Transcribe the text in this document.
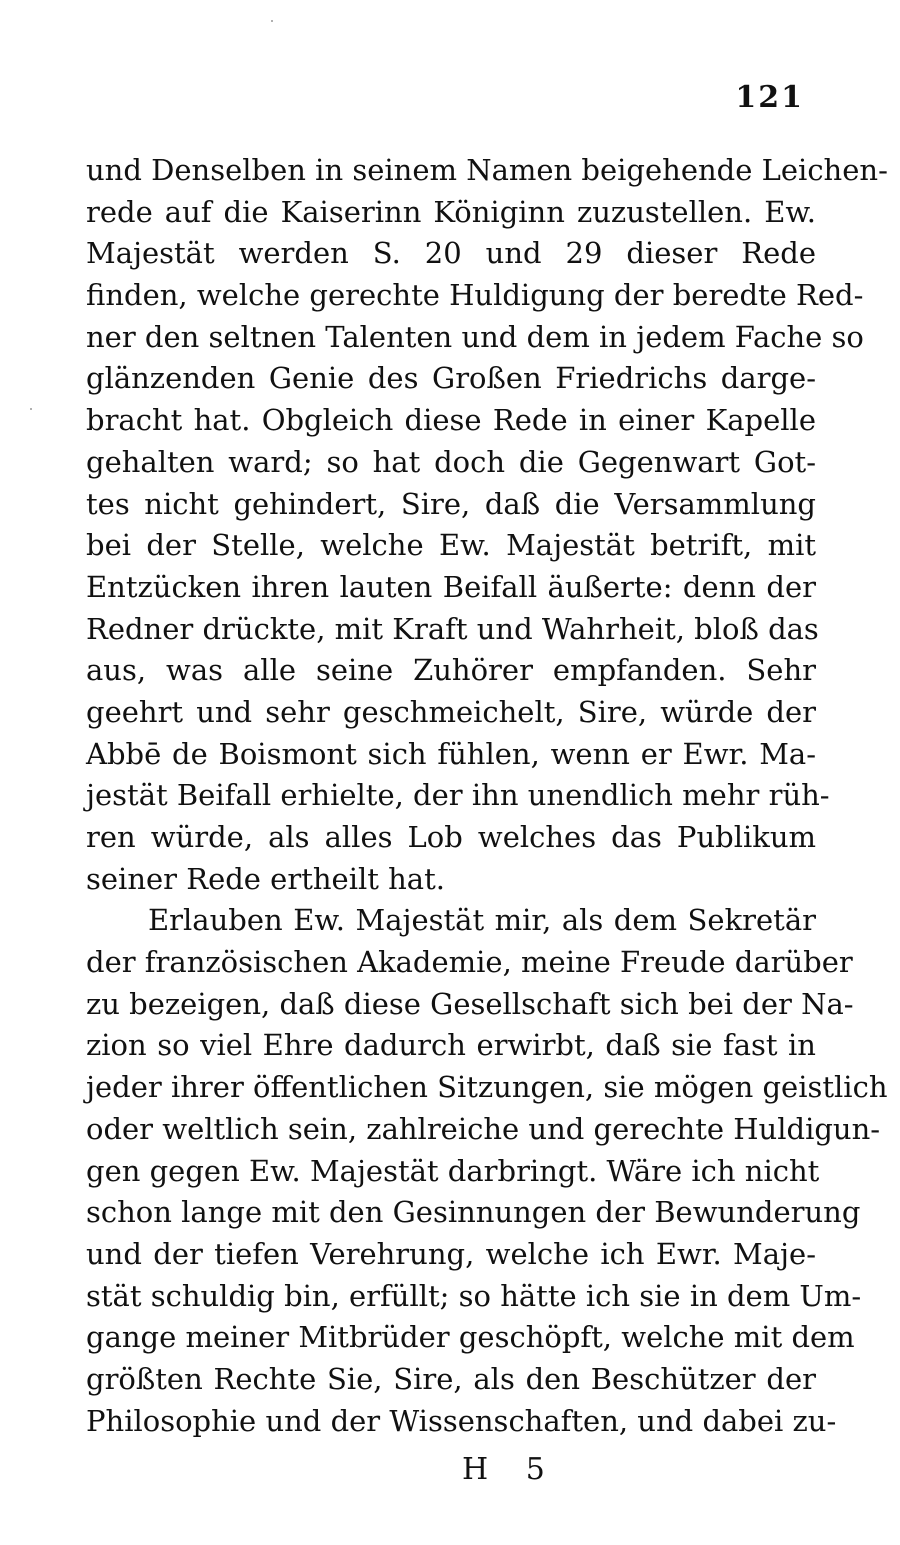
121
und Denselben in seinem Namen beigehende Leichen-
rede auf die Kaiserinn Königinn zuzustellen. Ew.
Majestät werden S. 20 und 29 dieser Rede
finden, welche gerechte Huldigung der beredte Red-
ner den seltnen Talenten und dem in jedem Fache so
glänzenden Genie des Großen Friedrichs darge-
bracht hat. Obgleich diese Rede in einer Kapelle
gehalten ward; so hat doch die Gegenwart Got-
tes nicht gehindert, Sire, daß die Versammlung
bei der Stelle, welche Ew. Majestät betrift, mit
Entzücken ihren lauten Beifall äußerte: denn der
Redner drückte, mit Kraft und Wahrheit, bloß das
aus, was alle seine Zuhörer empfanden. Sehr
geehrt und sehr geschmeichelt, Sire, würde der
Abbē de Boismont sich fühlen, wenn er Ewr. Ma-
jestät Beifall erhielte, der ihn unendlich mehr rüh-
ren würde, als alles Lob welches das Publikum
seiner Rede ertheilt hat.
Erlauben Ew. Majestät mir, als dem Sekretär
der französischen Akademie, meine Freude darüber
zu bezeigen, daß diese Gesellschaft sich bei der Na-
zion so viel Ehre dadurch erwirbt, daß sie fast in
jeder ihrer öffentlichen Sitzungen, sie mögen geistlich
oder weltlich sein, zahlreiche und gerechte Huldigun-
gen gegen Ew. Majestät darbringt. Wäre ich nicht
schon lange mit den Gesinnungen der Bewunderung
und der tiefen Verehrung, welche ich Ewr. Maje-
stät schuldig bin, erfüllt; so hätte ich sie in dem Um-
gange meiner Mitbrüder geschöpft, welche mit dem
größten Rechte Sie, Sire, als den Beschützer der
Philosophie und der Wissenschaften, und dabei zu-
H 5
